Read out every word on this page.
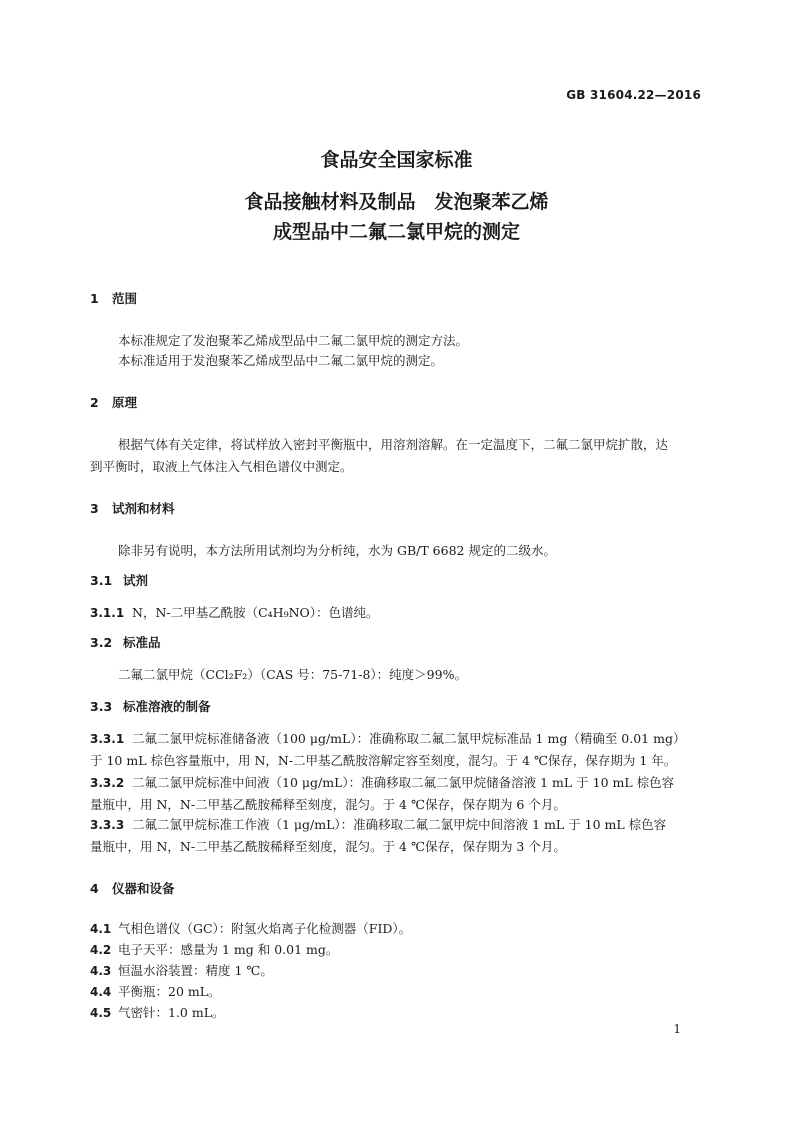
GB 31604.22—2016
食品安全国家标准
食品接触材料及制品　发泡聚苯乙烯
成型品中二氟二氯甲烷的测定
1 范围
本标准规定了发泡聚苯乙烯成型品中二氟二氯甲烷的测定方法。
本标准适用于发泡聚苯乙烯成型品中二氟二氯甲烷的测定。
2 原理
根据气体有关定律，将试样放入密封平衡瓶中，用溶剂溶解。在一定温度下，二氟二氯甲烷扩散，达
到平衡时，取液上气体注入气相色谱仪中测定。
3 试剂和材料
除非另有说明，本方法所用试剂均为分析纯，水为 GB/T 6682 规定的二级水。
3.1 试剂
3.1.1 N，N-二甲基乙酰胺（C₄H₉NO）：色谱纯。
3.2 标准品
二氟二氯甲烷（CCl₂F₂）（CAS 号：75-71-8）：纯度＞99%。
3.3 标准溶液的制备
3.3.1 二氟二氯甲烷标准储备液（100 μg/mL）：准确称取二氟二氯甲烷标准品 1 mg（精确至 0.01 mg）
于 10 mL 棕色容量瓶中，用 N，N-二甲基乙酰胺溶解定容至刻度，混匀。于 4 ℃保存，保存期为 1 年。
3.3.2 二氟二氯甲烷标准中间液（10 μg/mL）：准确移取二氟二氯甲烷储备溶液 1 mL 于 10 mL 棕色容
量瓶中，用 N，N-二甲基乙酰胺稀释至刻度，混匀。于 4 ℃保存，保存期为 6 个月。
3.3.3 二氟二氯甲烷标准工作液（1 μg/mL）：准确移取二氟二氯甲烷中间溶液 1 mL 于 10 mL 棕色容
量瓶中，用 N，N-二甲基乙酰胺稀释至刻度，混匀。于 4 ℃保存，保存期为 3 个月。
4 仪器和设备
4.1 气相色谱仪（GC）：附氢火焰离子化检测器（FID）。
4.2 电子天平：感量为 1 mg 和 0.01 mg。
4.3 恒温水浴装置：精度 1 ℃。
4.4 平衡瓶：20 mL。
4.5 气密针：1.0 mL。
1
